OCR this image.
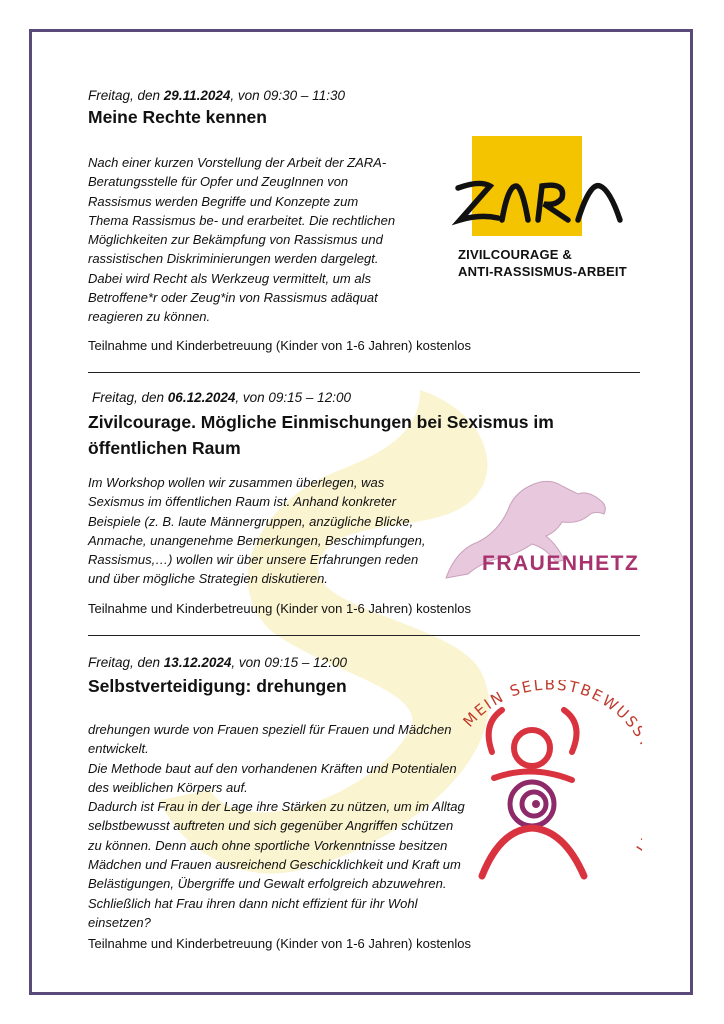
Freitag, den 29.11.2024, von 09:30 – 11:30
Meine Rechte kennen
Nach einer kurzen Vorstellung der Arbeit der ZARA-Beratungsstelle für Opfer und ZeugInnen von Rassismus werden Begriffe und Konzepte zum Thema Rassismus be- und erarbeitet. Die rechtlichen Möglichkeiten zur Bekämpfung von Rassismus und rassistischen Diskriminierungen werden dargelegt. Dabei wird Recht als Werkzeug vermittelt, um als Betroffene*r oder Zeug*in von Rassismus adäquat reagieren zu können.
Teilnahme und Kinderbetreuung (Kinder von 1-6 Jahren) kostenlos
ZIVILCOURAGE &
ANTI-RASSISMUS-ARBEIT
Freitag, den 06.12.2024, von 09:15 – 12:00
Zivilcourage. Mögliche Einmischungen bei Sexismus im öffentlichen Raum
Im Workshop wollen wir zusammen überlegen, was Sexismus im öffentlichen Raum ist. Anhand konkreter Beispiele (z. B. laute Männergruppen, anzügliche Blicke, Anmache, unangenehme Bemerkungen, Beschimpfungen, Rassismus,…) wollen wir über unsere Erfahrungen reden und über mögliche Strategien diskutieren.
Teilnahme und Kinderbetreuung (Kinder von 1-6 Jahren) kostenlos
FRAUENHETZ
Freitag, den 13.12.2024, von 09:15 – 12:00
Selbstverteidigung: drehungen
drehungen wurde von Frauen speziell für Frauen und Mädchen entwickelt.
Die Methode baut auf den vorhandenen Kräften und Potentialen des weiblichen Körpers auf.
Dadurch ist Frau in der Lage ihre Stärken zu nützen, um im Alltag selbstbewusst auftreten und sich gegenüber Angriffen schützen zu können. Denn auch ohne sportliche Vorkenntnisse besitzen Mädchen und Frauen ausreichend Geschicklichkeit und Kraft um Belästigungen, Übergriffe und Gewalt erfolgreich abzuwehren. Schließlich hat Frau ihren dann nicht effizient für ihr Wohl einsetzen?
Teilnahme und Kinderbetreuung (Kinder von 1-6 Jahren) kostenlos
MEIN SELBSTBEWUS
